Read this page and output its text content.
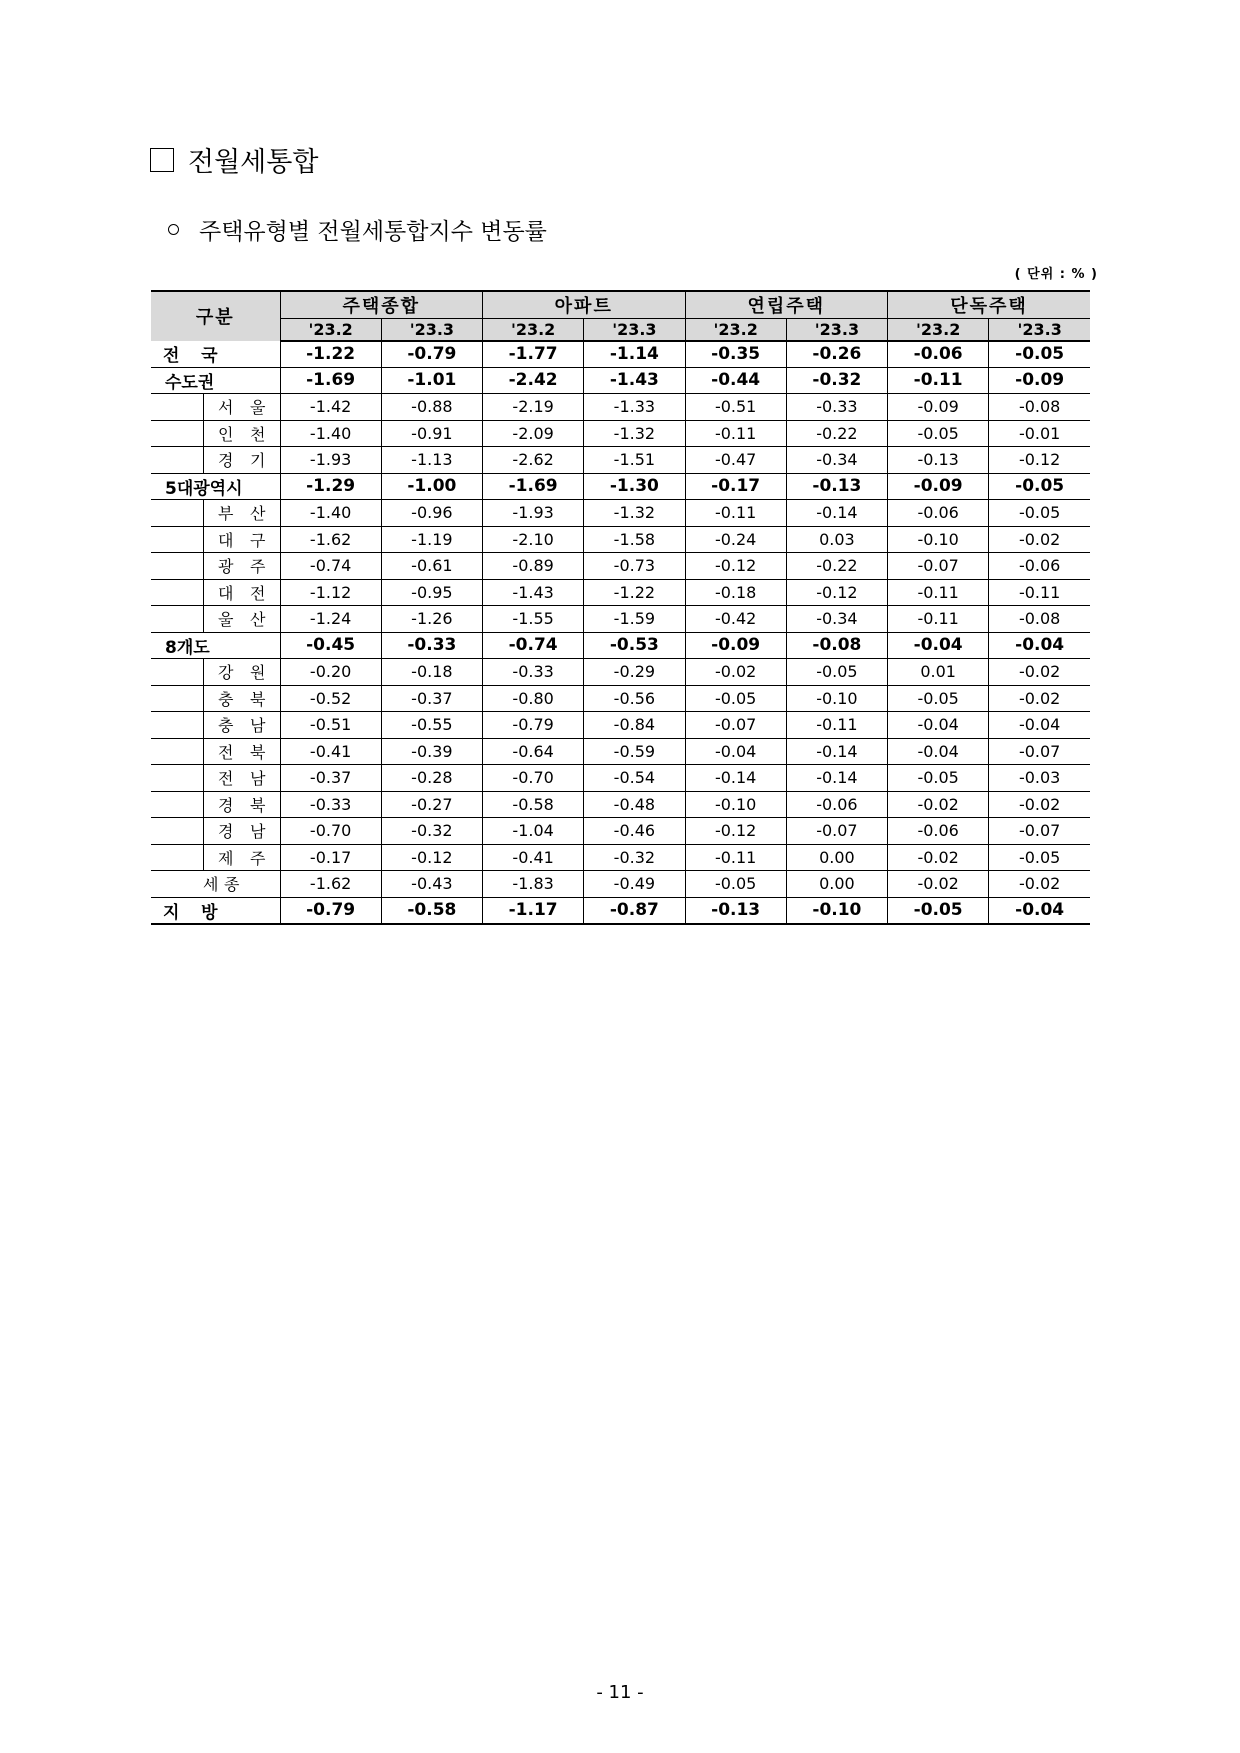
전월세통합
주택유형별 전월세통합지수 변동률
( 단위 : % )
구분	주택종합		아파트		연립주택		단독주택	
	'23.2	'23.3	'23.2	'23.3	'23.2	'23.3	'23.2	'23.3

전 국	-1.22	-0.79	-1.77	-1.14	-0.35	-0.26	-0.06	-0.05

수도권	-1.69	-1.01	-2.42	-1.43	-0.44	-0.32	-0.11	-0.09

서 울	-1.42	-0.88	-2.19	-1.33	-0.51	-0.33	-0.09	-0.08

인 천	-1.40	-0.91	-2.09	-1.32	-0.11	-0.22	-0.05	-0.01

경 기	-1.93	-1.13	-2.62	-1.51	-0.47	-0.34	-0.13	-0.12

5대광역시	-1.29	-1.00	-1.69	-1.30	-0.17	-0.13	-0.09	-0.05

부 산	-1.40	-0.96	-1.93	-1.32	-0.11	-0.14	-0.06	-0.05

대 구	-1.62	-1.19	-2.10	-1.58	-0.24	0.03	-0.10	-0.02

광 주	-0.74	-0.61	-0.89	-0.73	-0.12	-0.22	-0.07	-0.06

대 전	-1.12	-0.95	-1.43	-1.22	-0.18	-0.12	-0.11	-0.11

울 산	-1.24	-1.26	-1.55	-1.59	-0.42	-0.34	-0.11	-0.08

8개도	-0.45	-0.33	-0.74	-0.53	-0.09	-0.08	-0.04	-0.04

강 원	-0.20	-0.18	-0.33	-0.29	-0.02	-0.05	0.01	-0.02

충 북	-0.52	-0.37	-0.80	-0.56	-0.05	-0.10	-0.05	-0.02

충 남	-0.51	-0.55	-0.79	-0.84	-0.07	-0.11	-0.04	-0.04

전 북	-0.41	-0.39	-0.64	-0.59	-0.04	-0.14	-0.04	-0.07

전 남	-0.37	-0.28	-0.70	-0.54	-0.14	-0.14	-0.05	-0.03

경 북	-0.33	-0.27	-0.58	-0.48	-0.10	-0.06	-0.02	-0.02

경 남	-0.70	-0.32	-1.04	-0.46	-0.12	-0.07	-0.06	-0.07

제 주	-0.17	-0.12	-0.41	-0.32	-0.11	0.00	-0.02	-0.05

세 종	-1.62	-0.43	-1.83	-0.49	-0.05	0.00	-0.02	-0.02

지 방	-0.79	-0.58	-1.17	-0.87	-0.13	-0.10	-0.05	-0.04
- 11 -
